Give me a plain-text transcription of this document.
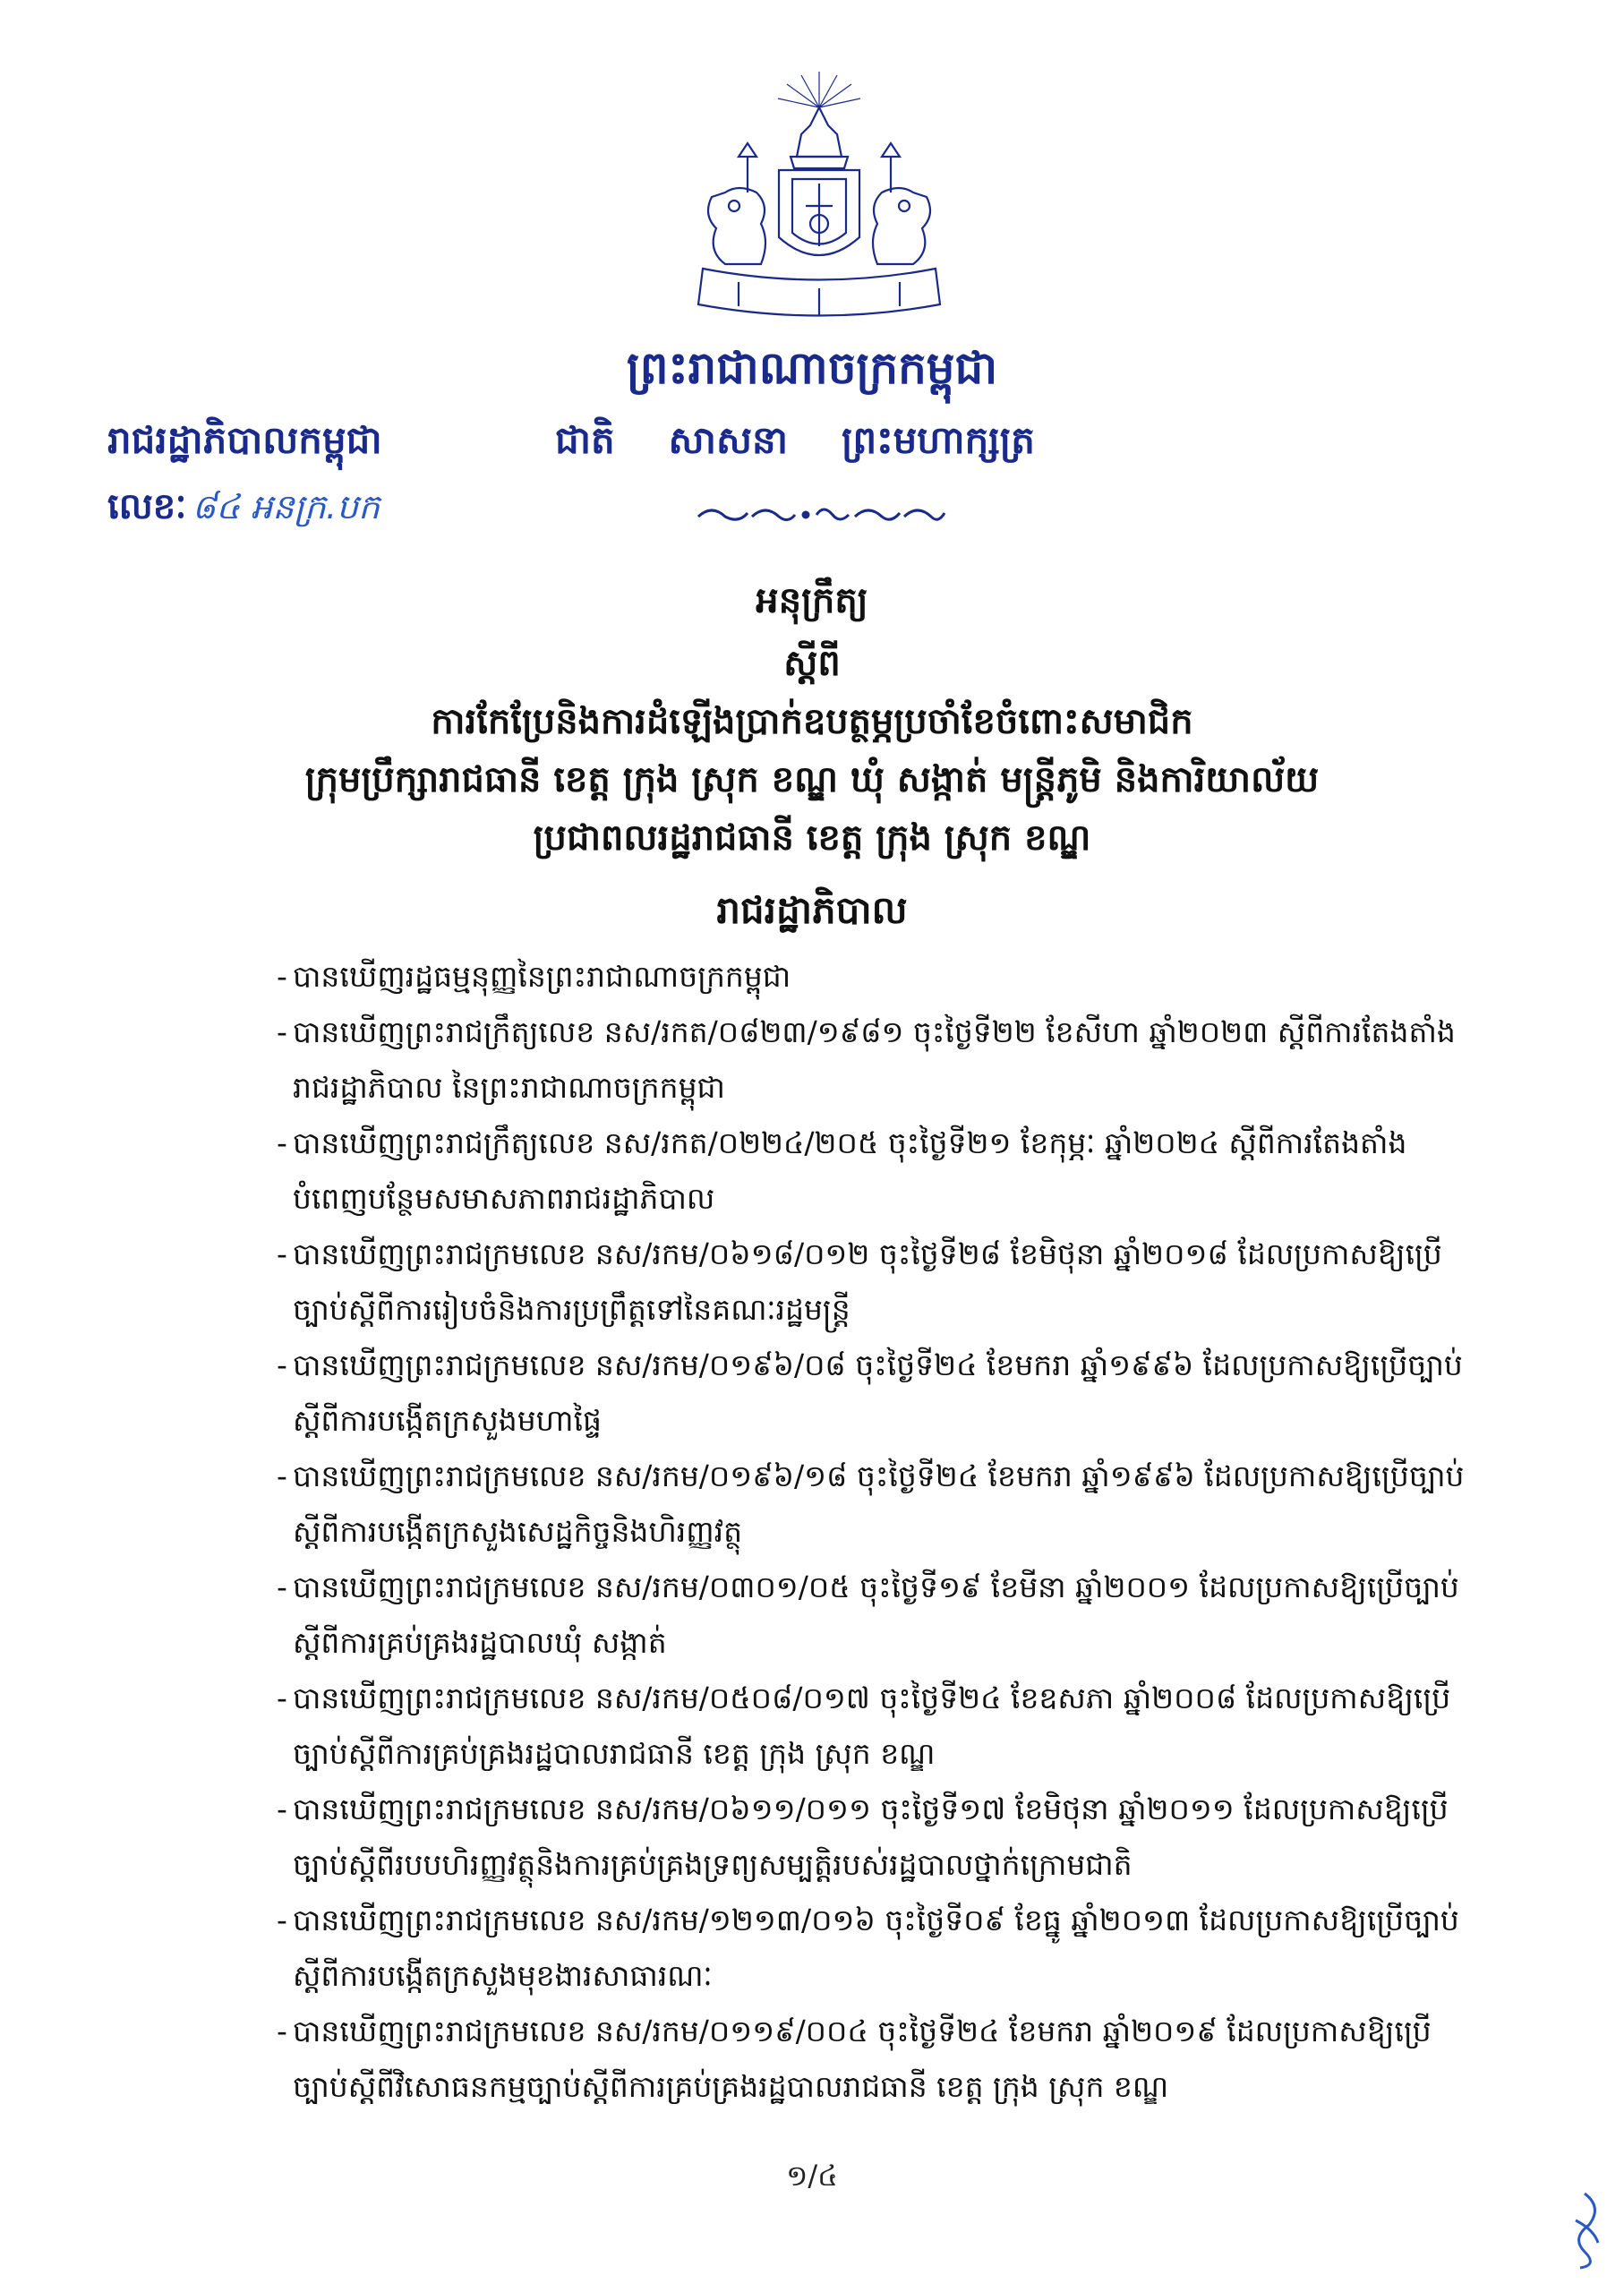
ព្រះរាជាណាចក្រកម្ពុជា
រាជរដ្ឋាភិបាលកម្ពុជា	ជាតិ សាសនា ព្រះមហាក្សត្រ
លេខៈ ៨៤ អនក្រ.បក
អនុក្រឹត្យ
ស្តីពី
ការកែប្រែនិងការដំឡើងប្រាក់ឧបត្ថម្ភប្រចាំខែចំពោះសមាជិក
ក្រុមប្រឹក្សារាជធានី ខេត្ត ក្រុង ស្រុក ខណ្ឌ ឃុំ សង្កាត់ មន្ត្រីភូមិ និងការិយាល័យ
ប្រជាពលរដ្ឋរាជធានី ខេត្ត ក្រុង ស្រុក ខណ្ឌ
រាជរដ្ឋាភិបាល
- បានឃើញរដ្ឋធម្មនុញ្ញនៃព្រះរាជាណាចក្រកម្ពុជា
- បានឃើញព្រះរាជក្រឹត្យលេខ នស/រកត/០៨២៣/១៩៨១ ចុះថ្ងៃទី២២ ខែសីហា ឆ្នាំ២០២៣ ស្តីពីការតែងតាំងរាជរដ្ឋាភិបាល នៃព្រះរាជាណាចក្រកម្ពុជា
- បានឃើញព្រះរាជក្រឹត្យលេខ នស/រកត/០២២៤/២០៥ ចុះថ្ងៃទី២១ ខែកុម្ភៈ ឆ្នាំ២០២៤ ស្តីពីការតែងតាំងបំពេញបន្ថែមសមាសភាពរាជរដ្ឋាភិបាល
- បានឃើញព្រះរាជក្រមលេខ នស/រកម/០៦១៨/០១២ ចុះថ្ងៃទី២៨ ខែមិថុនា ឆ្នាំ២០១៨ ដែលប្រកាសឱ្យប្រើច្បាប់ស្តីពីការរៀបចំនិងការប្រព្រឹត្តទៅនៃគណៈរដ្ឋមន្ត្រី
- បានឃើញព្រះរាជក្រមលេខ នស/រកម/០១៩៦/០៨ ចុះថ្ងៃទី២៤ ខែមករា ឆ្នាំ១៩៩៦ ដែលប្រកាសឱ្យប្រើច្បាប់ស្តីពីការបង្កើតក្រសួងមហាផ្ទៃ
- បានឃើញព្រះរាជក្រមលេខ នស/រកម/០១៩៦/១៨ ចុះថ្ងៃទី២៤ ខែមករា ឆ្នាំ១៩៩៦ ដែលប្រកាសឱ្យប្រើច្បាប់ស្តីពីការបង្កើតក្រសួងសេដ្ឋកិច្ចនិងហិរញ្ញវត្ថុ
- បានឃើញព្រះរាជក្រមលេខ នស/រកម/០៣០១/០៥ ចុះថ្ងៃទី១៩ ខែមីនា ឆ្នាំ២០០១ ដែលប្រកាសឱ្យប្រើច្បាប់ស្តីពីការគ្រប់គ្រងរដ្ឋបាលឃុំ សង្កាត់
- បានឃើញព្រះរាជក្រមលេខ នស/រកម/០៥០៨/០១៧ ចុះថ្ងៃទី២៤ ខែឧសភា ឆ្នាំ២០០៨ ដែលប្រកាសឱ្យប្រើច្បាប់ស្តីពីការគ្រប់គ្រងរដ្ឋបាលរាជធានី ខេត្ត ក្រុង ស្រុក ខណ្ឌ
- បានឃើញព្រះរាជក្រមលេខ នស/រកម/០៦១១/០១១ ចុះថ្ងៃទី១៧ ខែមិថុនា ឆ្នាំ២០១១ ដែលប្រកាសឱ្យប្រើច្បាប់ស្តីពីរបបហិរញ្ញវត្ថុនិងការគ្រប់គ្រងទ្រព្យសម្បត្តិរបស់រដ្ឋបាលថ្នាក់ក្រោមជាតិ
- បានឃើញព្រះរាជក្រមលេខ នស/រកម/១២១៣/០១៦ ចុះថ្ងៃទី០៩ ខែធ្នូ ឆ្នាំ២០១៣ ដែលប្រកាសឱ្យប្រើច្បាប់ស្តីពីការបង្កើតក្រសួងមុខងារសាធារណៈ
- បានឃើញព្រះរាជក្រមលេខ នស/រកម/០១១៩/០០៤ ចុះថ្ងៃទី២៤ ខែមករា ឆ្នាំ២០១៩ ដែលប្រកាសឱ្យប្រើច្បាប់ស្តីពីវិសោធនកម្មច្បាប់ស្តីពីការគ្រប់គ្រងរដ្ឋបាលរាជធានី ខេត្ត ក្រុង ស្រុក ខណ្ឌ
១/៤
